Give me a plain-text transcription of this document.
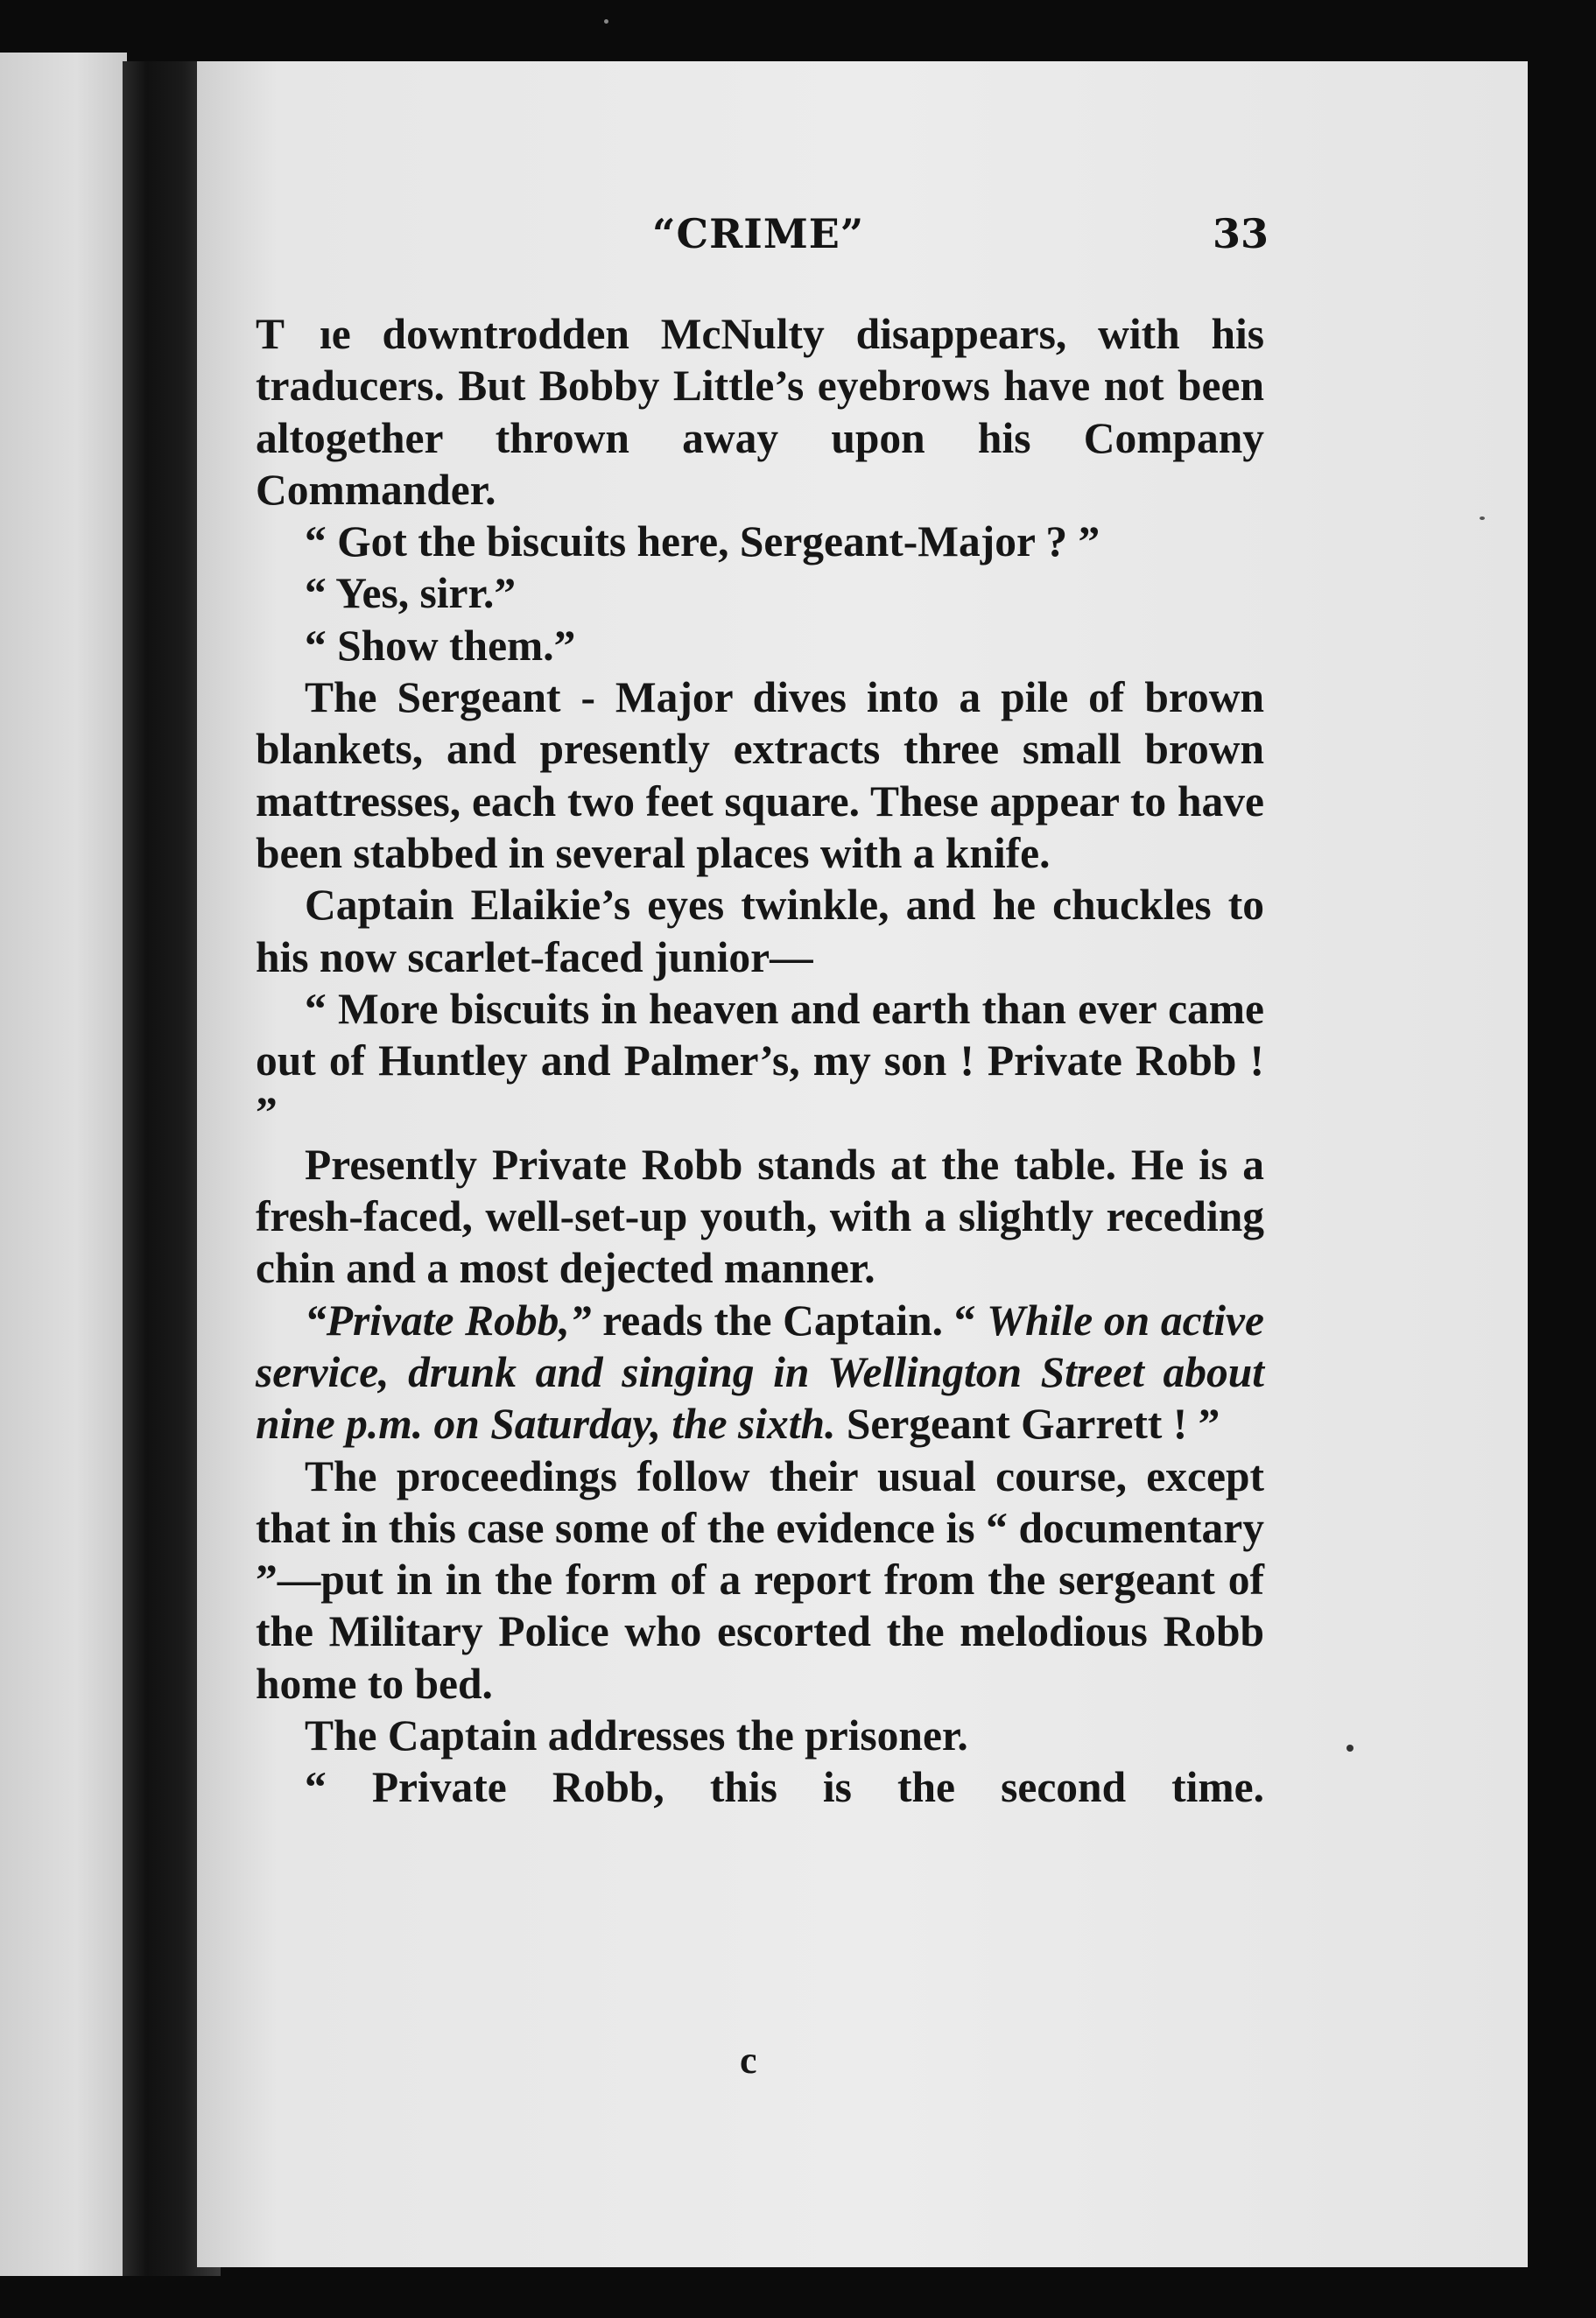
“CRIME”	33

T  ıe downtrodden McNulty disappears, with his traducers. But Bobby Little’s eyebrows have not been altogether thrown away upon his Company Commander.

“ Got the biscuits here, Sergeant-Major ? ”

“ Yes, sirr.”

“ Show them.”

The Sergeant - Major dives into a pile of brown blankets, and presently extracts three small brown mattresses, each two feet square. These appear to have been stabbed in several places with a knife.

Captain Elaikie’s eyes twinkle, and he chuckles to his now scarlet-faced junior—

“ More biscuits in heaven and earth than ever came out of Huntley and Palmer’s, my son ! Private Robb ! ”

Presently Private Robb stands at the table. He is a fresh-faced, well-set-up youth, with a slightly receding chin and a most dejected manner.

“Private Robb,” reads the Captain. “ While on active service, drunk and singing in Wellington Street about nine p.m. on Saturday, the sixth. Sergeant Garrett ! ”

The proceedings follow their usual course, except that in this case some of the evidence is “ documentary ”—put in in the form of a report from the sergeant of the Military Police who escorted the melodious Robb home to bed.

The Captain addresses the prisoner.

“ Private Robb, this is the second time.

c
